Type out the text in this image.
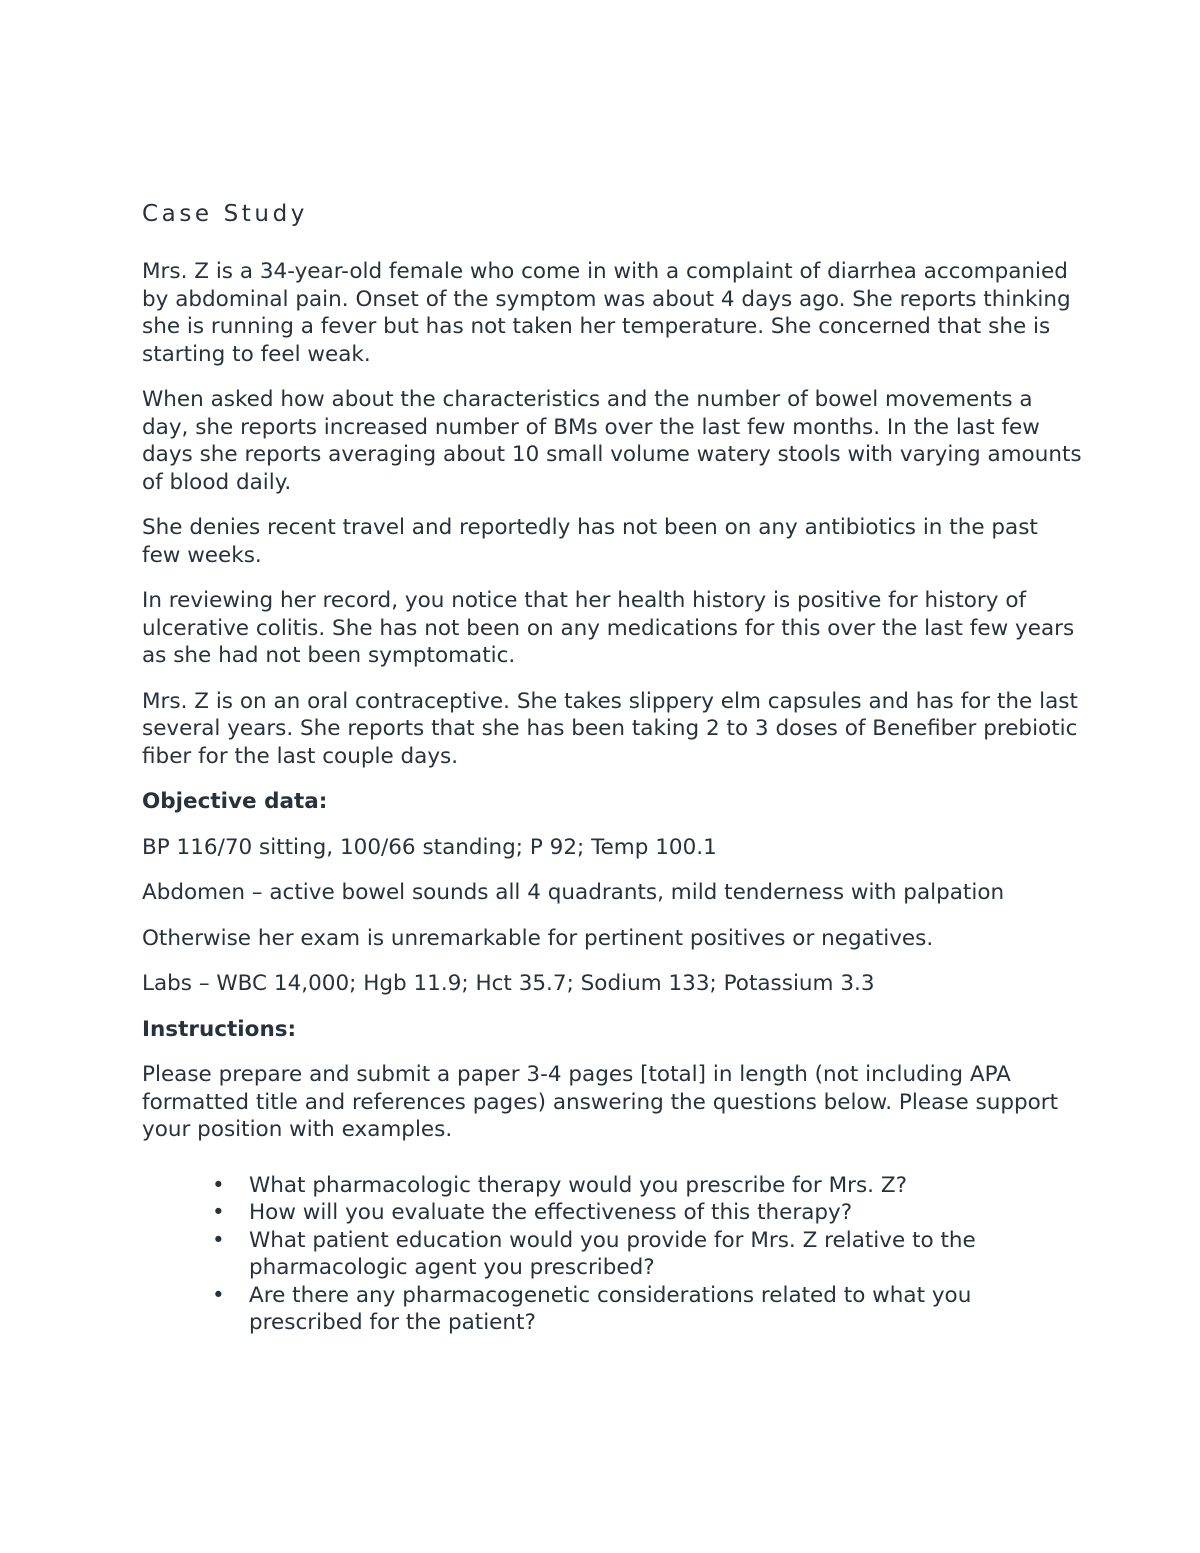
Case Study

Mrs. Z is a 34-year-old female who come in with a complaint of diarrhea accompanied by abdominal pain. Onset of the symptom was about 4 days ago. She reports thinking she is running a fever but has not taken her temperature. She concerned that she is starting to feel weak.

When asked how about the characteristics and the number of bowel movements a day, she reports increased number of BMs over the last few months. In the last few days she reports averaging about 10 small volume watery stools with varying amounts of blood daily.

She denies recent travel and reportedly has not been on any antibiotics in the past few weeks.

In reviewing her record, you notice that her health history is positive for history of ulcerative colitis. She has not been on any medications for this over the last few years as she had not been symptomatic.

Mrs. Z is on an oral contraceptive. She takes slippery elm capsules and has for the last several years. She reports that she has been taking 2 to 3 doses of Benefiber prebiotic fiber for the last couple days.

Objective data:

BP 116/70 sitting, 100/66 standing; P 92; Temp 100.1

Abdomen – active bowel sounds all 4 quadrants, mild tenderness with palpation

Otherwise her exam is unremarkable for pertinent positives or negatives.

Labs – WBC 14,000; Hgb 11.9; Hct 35.7; Sodium 133; Potassium 3.3

Instructions:

Please prepare and submit a paper 3-4 pages [total] in length (not including APA formatted title and references pages) answering the questions below. Please support your position with examples.

• What pharmacologic therapy would you prescribe for Mrs. Z?
• How will you evaluate the effectiveness of this therapy?
• What patient education would you provide for Mrs. Z relative to the pharmacologic agent you prescribed?
• Are there any pharmacogenetic considerations related to what you prescribed for the patient?
